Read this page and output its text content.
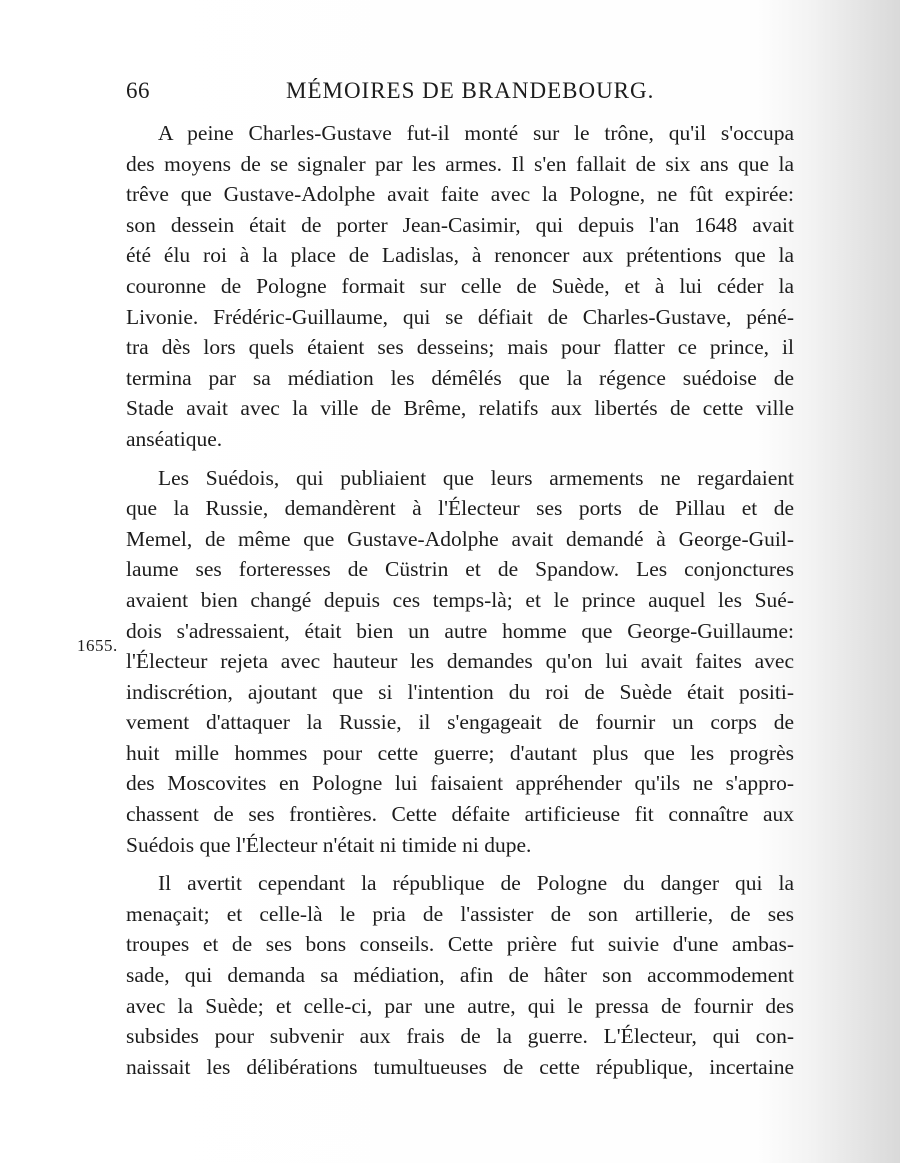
66	MÉMOIRES DE BRANDEBOURG.
1655.
A peine Charles-Gustave fut-il monté sur le trône, qu'il s'occupa
des moyens de se signaler par les armes. Il s'en fallait de six ans que la
trêve que Gustave-Adolphe avait faite avec la Pologne, ne fût expirée:
son dessein était de porter Jean-Casimir, qui depuis l'an 1648 avait
été élu roi à la place de Ladislas, à renoncer aux prétentions que la
couronne de Pologne formait sur celle de Suède, et à lui céder la
Livonie. Frédéric-Guillaume, qui se défiait de Charles-Gustave, péné-
tra dès lors quels étaient ses desseins; mais pour flatter ce prince, il
termina par sa médiation les démêlés que la régence suédoise de
Stade avait avec la ville de Brême, relatifs aux libertés de cette ville
anséatique.
Les Suédois, qui publiaient que leurs armements ne regardaient
que la Russie, demandèrent à l'Électeur ses ports de Pillau et de
Memel, de même que Gustave-Adolphe avait demandé à George-Guil-
laume ses forteresses de Cüstrin et de Spandow. Les conjonctures
avaient bien changé depuis ces temps-là; et le prince auquel les Sué-
dois s'adressaient, était bien un autre homme que George-Guillaume:
l'Électeur rejeta avec hauteur les demandes qu'on lui avait faites avec
indiscrétion, ajoutant que si l'intention du roi de Suède était positi-
vement d'attaquer la Russie, il s'engageait de fournir un corps de
huit mille hommes pour cette guerre; d'autant plus que les progrès
des Moscovites en Pologne lui faisaient appréhender qu'ils ne s'appro-
chassent de ses frontières. Cette défaite artificieuse fit connaître aux
Suédois que l'Électeur n'était ni timide ni dupe.
Il avertit cependant la république de Pologne du danger qui la
menaçait; et celle-là le pria de l'assister de son artillerie, de ses
troupes et de ses bons conseils. Cette prière fut suivie d'une ambas-
sade, qui demanda sa médiation, afin de hâter son accommodement
avec la Suède; et celle-ci, par une autre, qui le pressa de fournir des
subsides pour subvenir aux frais de la guerre. L'Électeur, qui con-
naissait les délibérations tumultueuses de cette république, incertaine
